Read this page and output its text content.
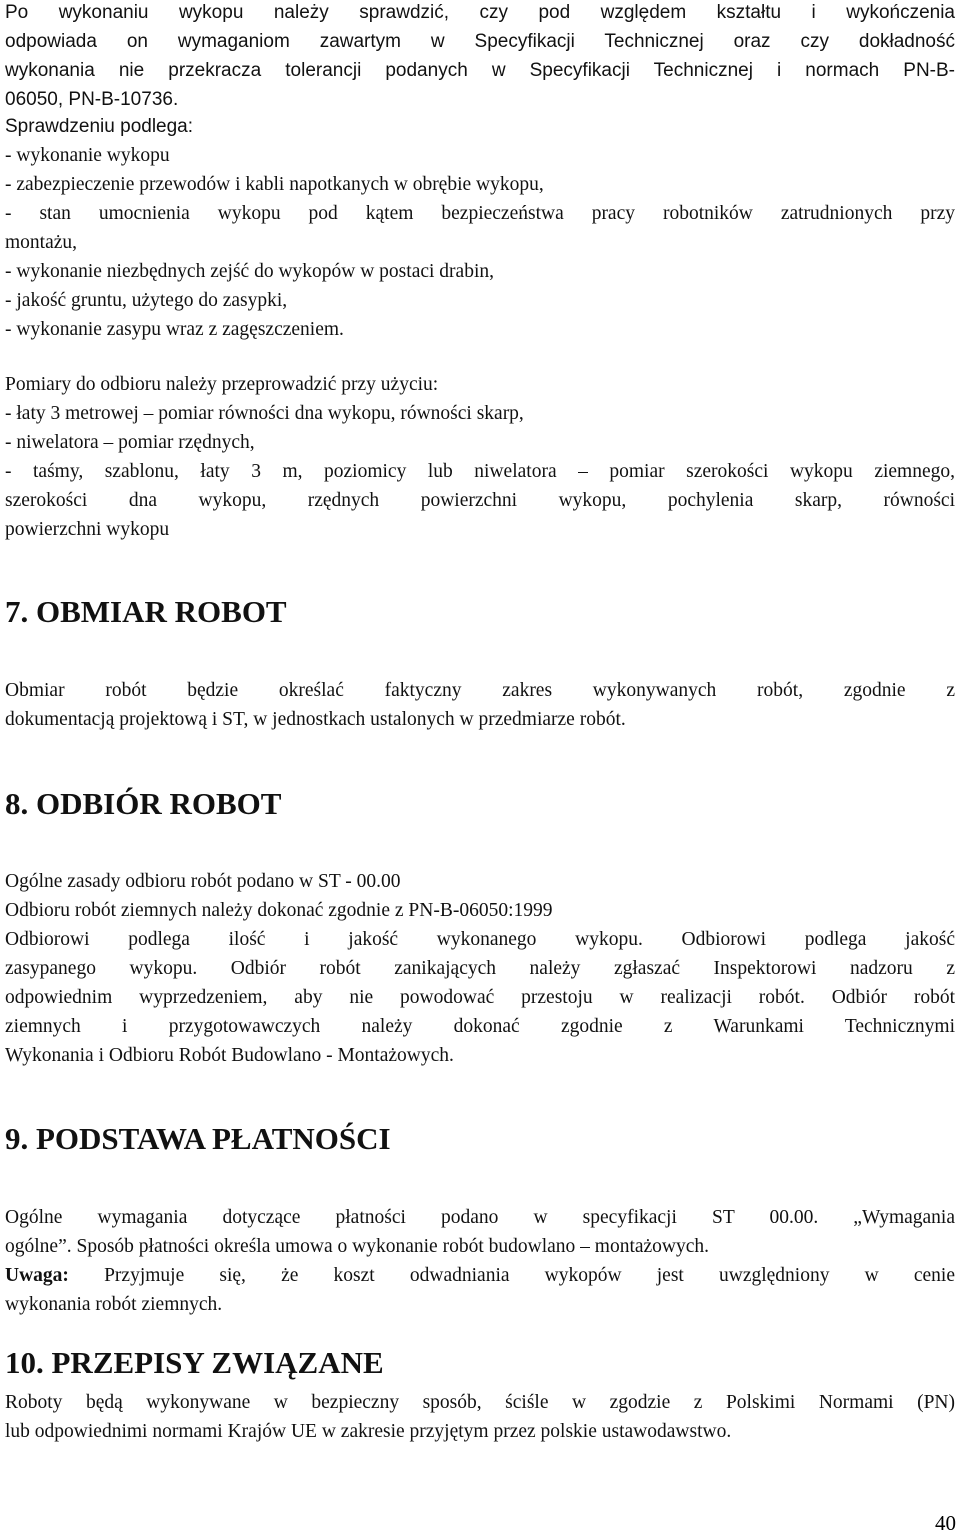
Po wykonaniu wykopu należy sprawdzić, czy pod względem kształtu i wykończenia
odpowiada on wymaganiom zawartym w Specyfikacji Technicznej oraz czy dokładność
wykonania nie przekracza tolerancji podanych w Specyfikacji Technicznej i normach PN-B-
06050, PN-B-10736.
Sprawdzeniu podlega:
- wykonanie wykopu
- zabezpieczenie przewodów i kabli napotkanych w obrębie wykopu,
- stan umocnienia wykopu pod kątem bezpieczeństwa pracy robotników zatrudnionych przy
montażu,
- wykonanie niezbędnych zejść do wykopów w postaci drabin,
- jakość gruntu, użytego do zasypki,
- wykonanie zasypu wraz z zagęszczeniem.
Pomiary do odbioru należy przeprowadzić przy użyciu:
- łaty 3 metrowej – pomiar równości dna wykopu, równości skarp,
- niwelatora – pomiar rzędnych,
- taśmy, szablonu, łaty 3 m, poziomicy lub niwelatora – pomiar szerokości wykopu ziemnego,
szerokości dna wykopu, rzędnych powierzchni wykopu, pochylenia skarp, równości
powierzchni wykopu
7. OBMIAR ROBOT
Obmiar robót będzie określać faktyczny zakres wykonywanych robót, zgodnie z
dokumentacją projektową i ST, w jednostkach ustalonych w przedmiarze robót.
8. ODBIÓR ROBOT
Ogólne zasady odbioru robót podano w ST - 00.00
Odbioru robót ziemnych należy dokonać zgodnie z PN-B-06050:1999
Odbiorowi podlega ilość i jakość wykonanego wykopu. Odbiorowi podlega jakość
zasypanego wykopu. Odbiór robót zanikających należy zgłaszać Inspektorowi nadzoru z
odpowiednim wyprzedzeniem, aby nie powodować przestoju w realizacji robót. Odbiór robót
ziemnych i przygotowawczych należy dokonać zgodnie z Warunkami Technicznymi
Wykonania i Odbioru Robót Budowlano - Montażowych.
9. PODSTAWA PŁATNOŚCI
Ogólne wymagania dotyczące płatności podano w specyfikacji ST 00.00. „Wymagania
ogólne”. Sposób płatności określa umowa o wykonanie robót budowlano – montażowych.
Uwaga: Przyjmuje się, że koszt odwadniania wykopów jest uwzględniony w cenie
wykonania robót ziemnych.
10. PRZEPISY ZWIĄZANE
Roboty będą wykonywane w bezpieczny sposób, ściśle w zgodzie z Polskimi Normami (PN)
lub odpowiednimi normami Krajów UE w zakresie przyjętym przez polskie ustawodawstwo.
40
